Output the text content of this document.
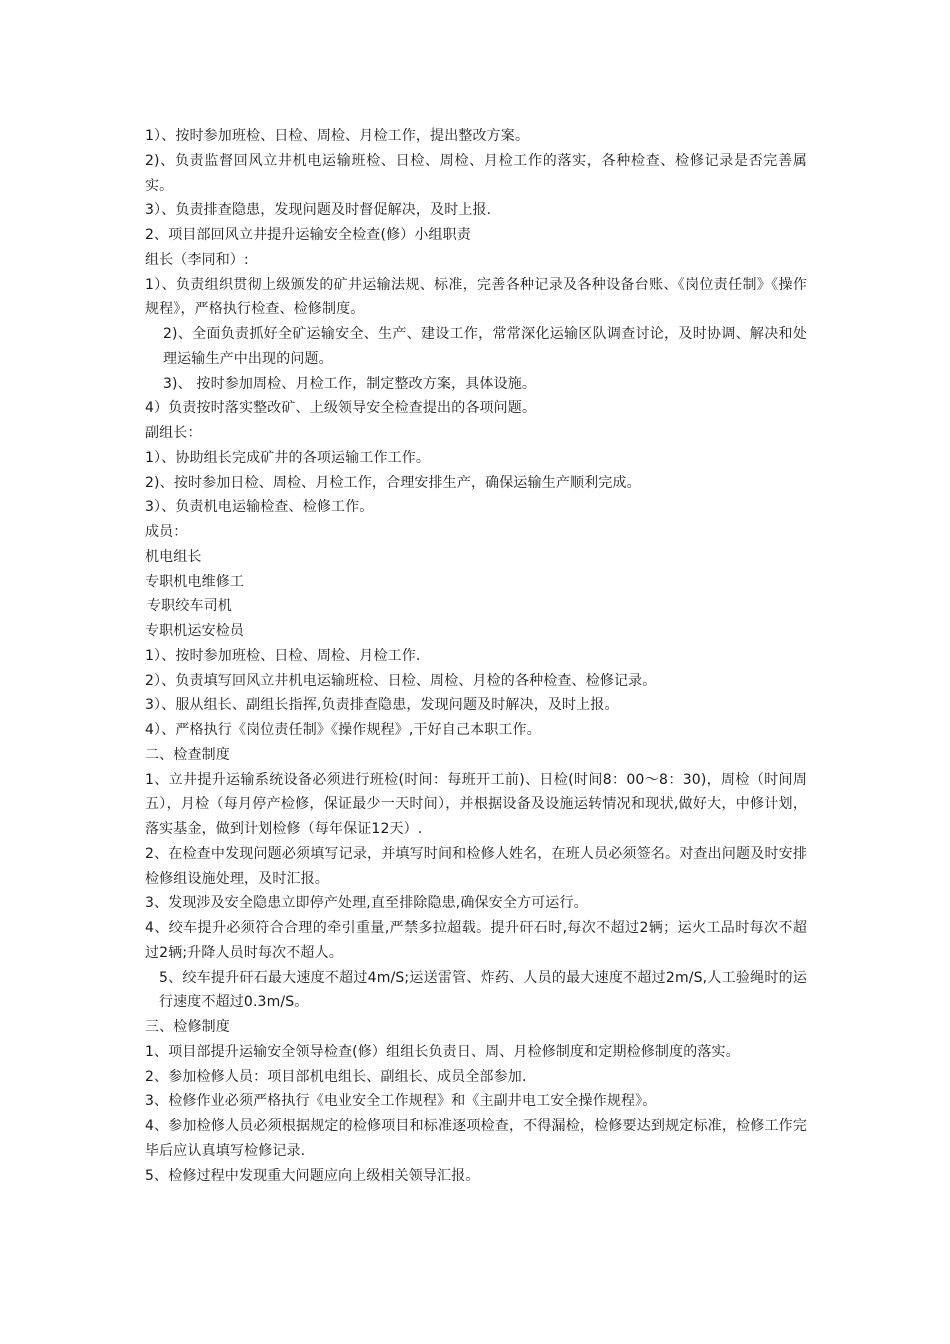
1）、按时参加班检、日检、周检、月检工作，提出整改方案。

2)、负责监督回风立井机电运输班检、日检、周检、月检工作的落实，各种检查、检修记录是否完善属实。

3）、负责排查隐患，发现问题及时督促解决，及时上报.

2、项目部回风立井提升运输安全检查(修）小组职责

组长（李同和）:

1）、负责组织贯彻上级颁发的矿井运输法规、标准，完善各种记录及各种设备台账、《岗位责任制》《操作规程》，严格执行检查、检修制度。

2)、全面负责抓好全矿运输安全、生产、建设工作，常常深化运输区队调查讨论，及时协调、解决和处理运输生产中出现的问题。

3)、 按时参加周检、月检工作，制定整改方案，具体设施。

4）负责按时落实整改矿、上级领导安全检查提出的各项问题。

副组长：

1）、协助组长完成矿井的各项运输工作工作。

2)、按时参加日检、周检、月检工作，合理安排生产，确保运输生产顺利完成。

3）、负责机电运输检查、检修工作。

成员：

机电组长

专职机电维修工

专职绞车司机

专职机运安检员

1）、按时参加班检、日检、周检、月检工作.

2）、负责填写回风立井机电运输班检、日检、周检、月检的各种检查、检修记录。

3）、服从组长、副组长指挥,负责排查隐患，发现问题及时解决，及时上报。

4）、严格执行《岗位责任制》《操作规程》,干好自己本职工作。

二、检查制度

1、立井提升运输系统设备必须进行班检(时间：每班开工前)、日检(时间8：00～8：30)，周检（时间周五），月检（每月停产检修，保证最少一天时间），并根据设备及设施运转情况和现状,做好大，中修计划，落实基金，做到计划检修（每年保证12天）.

2、在检查中发现问题必须填写记录，并填写时间和检修人姓名，在班人员必须签名。对查出问题及时安排检修组设施处理，及时汇报。

3、发现涉及安全隐患立即停产处理,直至排除隐患,确保安全方可运行。

4、绞车提升必须符合合理的牵引重量,严禁多拉超载。提升矸石时,每次不超过2辆；运火工品时每次不超过2辆;升降人员时每次不超人。

5、绞车提升矸石最大速度不超过4m/S;运送雷管、炸药、人员的最大速度不超过2m/S,人工验绳时的运行速度不超过0.3m/S。

三、检修制度

1、项目部提升运输安全领导检查(修）组组长负责日、周、月检修制度和定期检修制度的落实。

2、参加检修人员：项目部机电组长、副组长、成员全部参加.

3、检修作业必须严格执行《电业安全工作规程》和《主副井电工安全操作规程》。

4、参加检修人员必须根据规定的检修项目和标准逐项检查，不得漏检，检修要达到规定标准，检修工作完毕后应认真填写检修记录.

5、检修过程中发现重大问题应向上级相关领导汇报。
